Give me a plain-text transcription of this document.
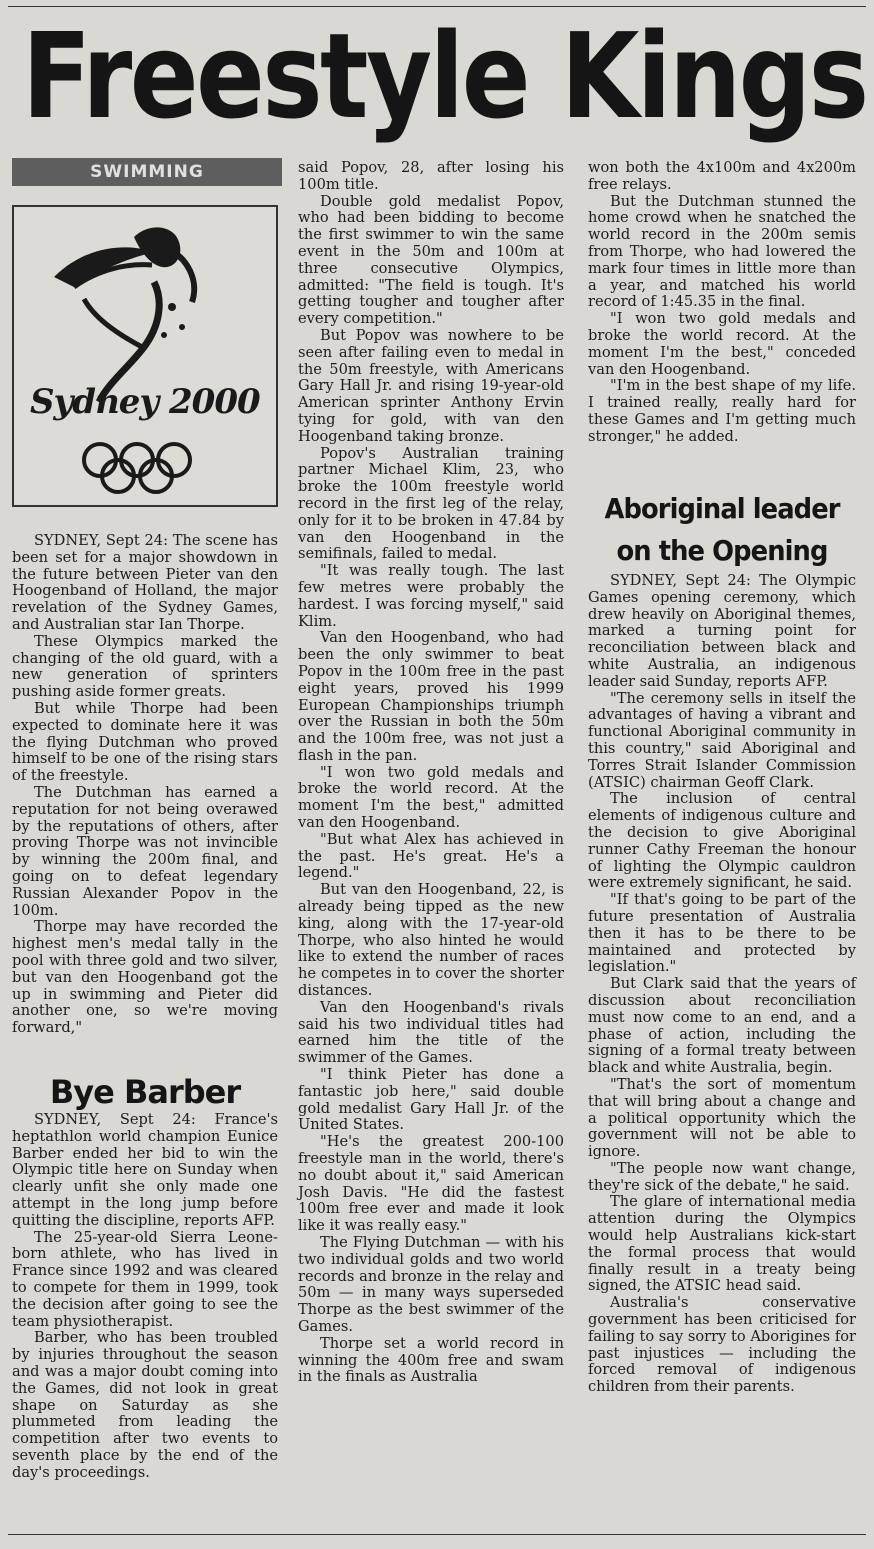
Freestyle Kings
SWIMMING
Sydney 2000

SYDNEY, Sept 24: The scene has been set for a major showdown in the future between Pieter van den Hoogenband of Holland, the major revelation of the Sydney Games, and Australian star Ian Thorpe.

These Olympics marked the changing of the old guard, with a new generation of sprinters pushing aside former greats.

But while Thorpe had been expected to dominate here it was the flying Dutchman who proved himself to be one of the rising stars of the freestyle.

The Dutchman has earned a reputation for not being overawed by the reputations of others, after proving Thorpe was not invincible by winning the 200m final, and going on to defeat legendary Russian Alexander Popov in the 100m.

Thorpe may have recorded the highest men's medal tally in the pool with three gold and two silver, but van den Hoogenband got the up in swimming and Pieter did another one, so we're moving forward,"

said Popov, 28, after losing his 100m title.

Double gold medalist Popov, who had been bidding to become the first swimmer to win the same event in the 50m and 100m at three consecutive Olympics, admitted: "The field is tough. It's getting tougher and tougher after every competition."

But Popov was nowhere to be seen after failing even to medal in the 50m freestyle, with Americans Gary Hall Jr. and rising 19-year-old American sprinter Anthony Ervin tying for gold, with van den Hoogenband taking bronze.

Popov's Australian training partner Michael Klim, 23, who broke the 100m freestyle world record in the first leg of the relay, only for it to be broken in 47.84 by van den Hoogenband in the semifinals, failed to medal.

"It was really tough. The last few metres were probably the hardest. I was forcing myself," said Klim.

Van den Hoogenband, who had been the only swimmer to beat Popov in the 100m free in the past eight years, proved his 1999 European Championships triumph over the Russian in both the 50m and the 100m free, was not just a flash in the pan.

"I won two gold medals and broke the world record. At the moment I'm the best," admitted van den Hoogenband.

"But what Alex has achieved in the past. He's great. He's a legend."

But van den Hoogenband, 22, is already being tipped as the new king, along with the 17-year-old Thorpe, who also hinted he would like to extend the number of races he competes in to cover the shorter distances.

Van den Hoogenband's rivals said his two individual titles had earned him the title of the swimmer of the Games.

"I think Pieter has done a fantastic job here," said double gold medalist Gary Hall Jr. of the United States.

"He's the greatest 200-100 freestyle man in the world, there's no doubt about it," said American Josh Davis. "He did the fastest 100m free ever and made it look like it was really easy."

The Flying Dutchman — with his two individual golds and two world records and bronze in the relay and 50m — in many ways superseded Thorpe as the best swimmer of the Games.

Thorpe set a world record in winning the 400m free and swam in the finals as Australia

won both the 4x100m and 4x200m free relays.

But the Dutchman stunned the home crowd when he snatched the world record in the 200m semis from Thorpe, who had lowered the mark four times in little more than a year, and matched his world record of 1:45.35 in the final.

"I won two gold medals and broke the world record. At the moment I'm the best," conceded van den Hoogenband.

"I'm in the best shape of my life. I trained really, really hard for these Games and I'm getting much stronger," he added.

Bye Barber

SYDNEY, Sept 24: France's heptathlon world champion Eunice Barber ended her bid to win the Olympic title here on Sunday when clearly unfit she only made one attempt in the long jump before quitting the discipline, reports AFP.

The 25-year-old Sierra Leone-born athlete, who has lived in France since 1992 and was cleared to compete for them in 1999, took the decision after going to see the team physiotherapist.

Barber, who has been troubled by injuries throughout the season and was a major doubt coming into the Games, did not look in great shape on Saturday as she plummeted from leading the competition after two events to seventh place by the end of the day's proceedings.

Aboriginal leader
on the Opening

SYDNEY, Sept 24: The Olympic Games opening ceremony, which drew heavily on Aboriginal themes, marked a turning point for reconciliation between black and white Australia, an indigenous leader said Sunday, reports AFP.

"The ceremony sells in itself the advantages of having a vibrant and functional Aboriginal community in this country," said Aboriginal and Torres Strait Islander Commission (ATSIC) chairman Geoff Clark.

The inclusion of central elements of indigenous culture and the decision to give Aboriginal runner Cathy Freeman the honour of lighting the Olympic cauldron were extremely significant, he said.

"If that's going to be part of the future presentation of Australia then it has to be there to be maintained and protected by legislation."

But Clark said that the years of discussion about reconciliation must now come to an end, and a phase of action, including the signing of a formal treaty between black and white Australia, begin.

"That's the sort of momentum that will bring about a change and a political opportunity which the government will not be able to ignore.

"The people now want change, they're sick of the debate," he said.

The glare of international media attention during the Olympics would help Australians kick-start the formal process that would finally result in a treaty being signed, the ATSIC head said.

Australia's conservative government has been criticised for failing to say sorry to Aborigines for past injustices — including the forced removal of indigenous children from their parents.
